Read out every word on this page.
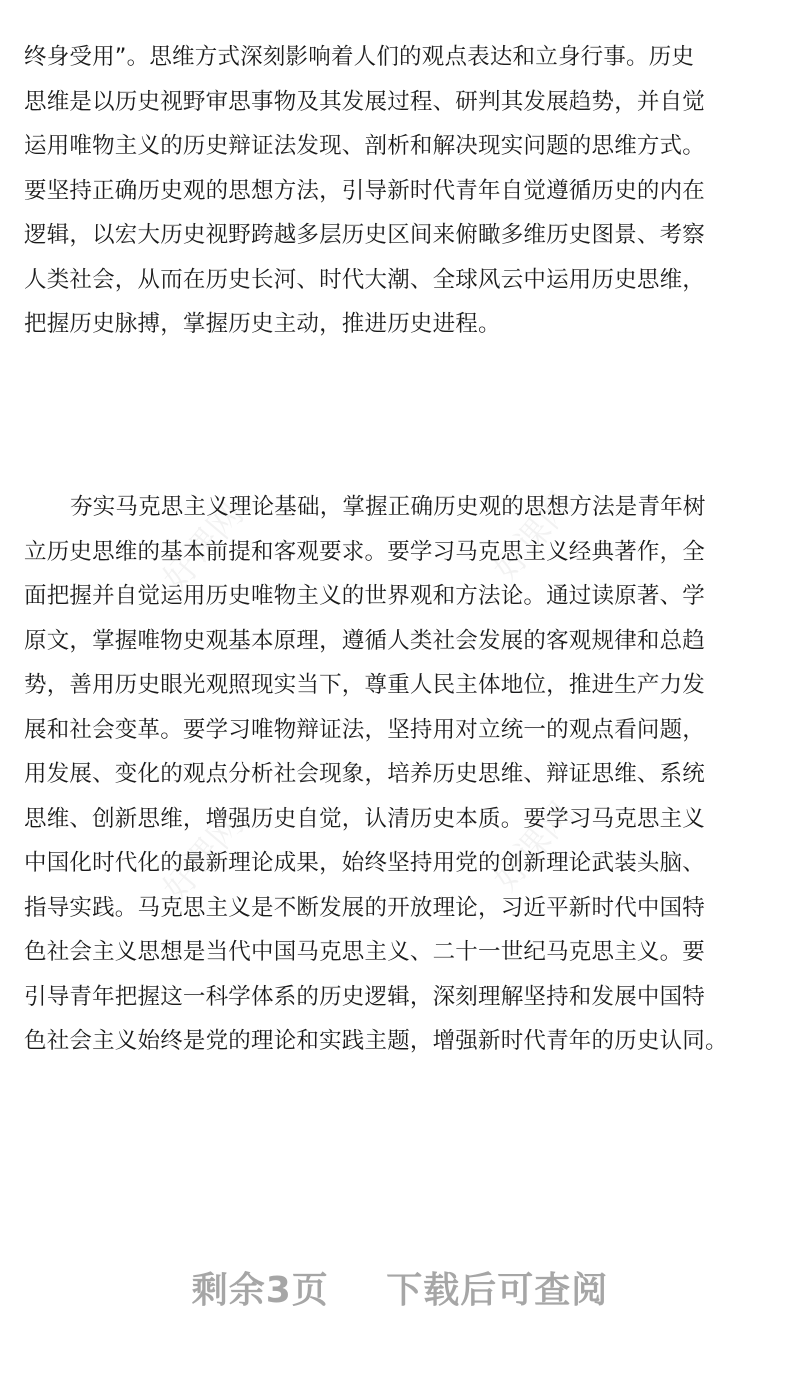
好课网	好课网
好课网	好课网
终身受用”。思维方式深刻影响着人们的观点表达和立身行事。历史
思维是以历史视野审思事物及其发展过程、研判其发展趋势，并自觉
运用唯物主义的历史辩证法发现、剖析和解决现实问题的思维方式。
要坚持正确历史观的思想方法，引导新时代青年自觉遵循历史的内在
逻辑，以宏大历史视野跨越多层历史区间来俯瞰多维历史图景、考察
人类社会，从而在历史长河、时代大潮、全球风云中运用历史思维，
把握历史脉搏，掌握历史主动，推进历史进程。
夯实马克思主义理论基础，掌握正确历史观的思想方法是青年树
立历史思维的基本前提和客观要求。要学习马克思主义经典著作，全
面把握并自觉运用历史唯物主义的世界观和方法论。通过读原著、学
原文，掌握唯物史观基本原理，遵循人类社会发展的客观规律和总趋
势，善用历史眼光观照现实当下，尊重人民主体地位，推进生产力发
展和社会变革。要学习唯物辩证法，坚持用对立统一的观点看问题，
用发展、变化的观点分析社会现象，培养历史思维、辩证思维、系统
思维、创新思维，增强历史自觉，认清历史本质。要学习马克思主义
中国化时代化的最新理论成果，始终坚持用党的创新理论武装头脑、
指导实践。马克思主义是不断发展的开放理论，习近平新时代中国特
色社会主义思想是当代中国马克思主义、二十一世纪马克思主义。要
引导青年把握这一科学体系的历史逻辑，深刻理解坚持和发展中国特
色社会主义始终是党的理论和实践主题，增强新时代青年的历史认同。
剩余3页 下载后可查阅
